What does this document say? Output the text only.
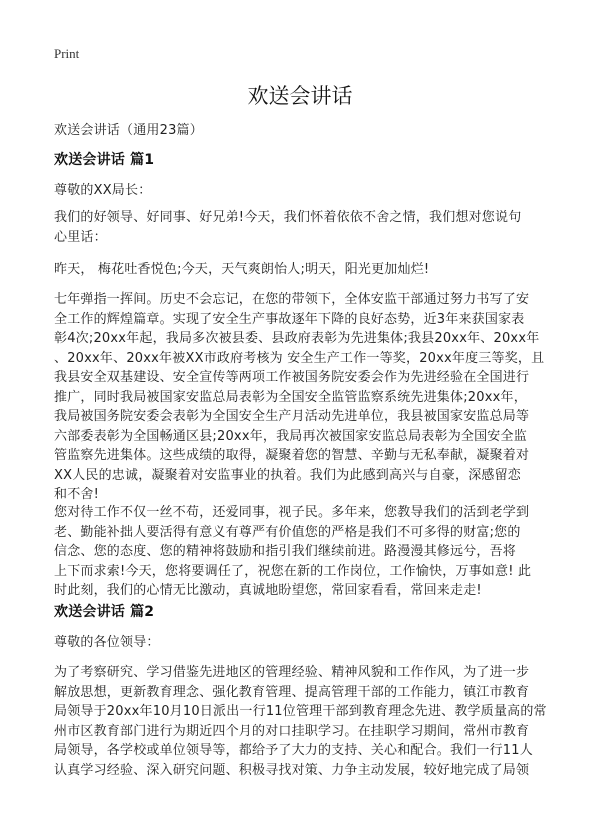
Print
欢送会讲话
欢送会讲话（通用23篇）
欢送会讲话 篇1
尊敬的XX局长：
我们的好领导、好同事、好兄弟!今天，我们怀着依依不舍之情，我们想对您说句
心里话：
昨天， 梅花吐香悦色;今天，天气爽朗怡人;明天，阳光更加灿烂!
七年弹指一挥间。历史不会忘记，在您的带领下，全体安监干部通过努力书写了安
全工作的辉煌篇章。实现了安全生产事故逐年下降的良好态势，近3年来获国家表
彰4次;20xx年起，我局多次被县委、县政府表彰为先进集体;我县20xx年、20xx年
、20xx年、20xx年被XX市政府考核为 安全生产工作一等奖，20xx年度三等奖，且
我县安全双基建设、安全宣传等两项工作被国务院安委会作为先进经验在全国进行
推广，同时我局被国家安监总局表彰为全国安全监管监察系统先进集体;20xx年，
我局被国务院安委会表彰为全国安全生产月活动先进单位，我县被国家安监总局等
六部委表彰为全国畅通区县;20xx年，我局再次被国家安监总局表彰为全国安全监
管监察先进集体。这些成绩的取得，凝聚着您的智慧、辛勤与无私奉献，凝聚着对
XX人民的忠诚，凝聚着对安监事业的执着。我们为此感到高兴与自豪，深感留恋
和不舍!
您对待工作不仅一丝不苟，还爱同事，视子民。多年来，您教导我们的活到老学到
老、勤能补拙人要活得有意义有尊严有价值您的严格是我们不可多得的财富;您的
信念、您的态度、您的精神将鼓励和指引我们继续前进。路漫漫其修远兮，吾将
上下而求索!今天，您将要调任了，祝您在新的工作岗位，工作愉快，万事如意! 此
时此刻，我们的心情无比激动，真诚地盼望您，常回家看看，常回来走走!
欢送会讲话 篇2
尊敬的各位领导：
为了考察研究、学习借鉴先进地区的管理经验、精神风貌和工作作风，为了进一步
解放思想，更新教育理念、强化教育管理、提高管理干部的工作能力，镇江市教育
局领导于20xx年10月10日派出一行11位管理干部到教育理念先进、教学质量高的常
州市区教育部门进行为期近四个月的对口挂职学习。在挂职学习期间，常州市教育
局领导，各学校或单位领导等，都给予了大力的支持、关心和配合。我们一行11人
认真学习经验、深入研究问题、积极寻找对策、力争主动发展，较好地完成了局领
